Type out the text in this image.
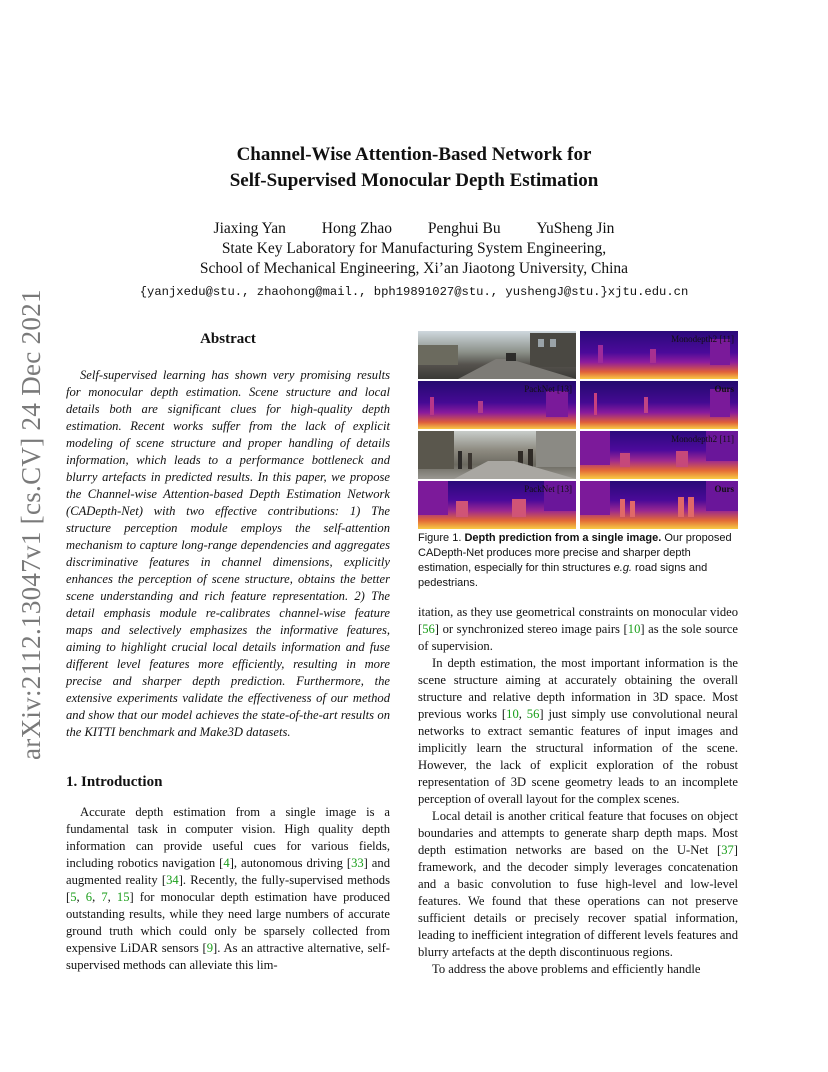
arXiv:2112.13047v1 [cs.CV] 24 Dec 2021
Channel-Wise Attention-Based Network for
Self-Supervised Monocular Depth Estimation
Jiaxing Yan Hong Zhao Penghui Bu YuSheng Jin
State Key Laboratory for Manufacturing System Engineering,
School of Mechanical Engineering, Xi’an Jiaotong University, China
{yanjxedu@stu., zhaohong@mail., bph19891027@stu., yushengJ@stu.}xjtu.edu.cn
Abstract
Self-supervised learning has shown very promising results for monocular depth estimation. Scene structure and local details both are significant clues for high-quality depth estimation. Recent works suffer from the lack of explicit modeling of scene structure and proper handling of details information, which leads to a performance bottleneck and blurry artefacts in predicted results. In this paper, we propose the Channel-wise Attention-based Depth Estimation Network (CADepth-Net) with two effective contributions: 1) The structure perception module employs the self-attention mechanism to capture long-range dependencies and aggregates discriminative features in channel dimensions, explicitly enhances the perception of scene structure, obtains the better scene understanding and rich feature representation. 2) The detail emphasis module re-calibrates channel-wise feature maps and selectively emphasizes the informative features, aiming to highlight crucial local details information and fuse different level features more efficiently, resulting in more precise and sharper depth prediction. Furthermore, the extensive experiments validate the effectiveness of our method and show that our model achieves the state-of-the-art results on the KITTI benchmark and Make3D datasets.
1. Introduction
Accurate depth estimation from a single image is a fundamental task in computer vision. High quality depth information can provide useful cues for various fields, including robotics navigation [4], autonomous driving [33] and augmented reality [34]. Recently, the fully-supervised methods [5, 6, 7, 15] for monocular depth estimation have produced outstanding results, while they need large numbers of accurate ground truth which could only be sparsely collected from expensive LiDAR sensors [9]. As an attractive alternative, self-supervised methods can alleviate this lim-
Monodepth2 [11]
PackNet [13]	Ours
Monodepth2 [11]
PackNet [13]	Ours
Figure 1. Depth prediction from a single image. Our proposed CADepth-Net produces more precise and sharper depth estimation, especially for thin structures e.g. road signs and pedestrians.

itation, as they use geometrical constraints on monocular video [56] or synchronized stereo image pairs [10] as the sole source of supervision.

In depth estimation, the most important information is the scene structure aiming at accurately obtaining the overall structure and relative depth information in 3D space. Most previous works [10, 56] just simply use convolutional neural networks to extract semantic features of input images and implicitly learn the structural information of the scene. However, the lack of explicit exploration of the robust representation of 3D scene geometry leads to an incomplete perception of overall layout for the complex scenes.

Local detail is another critical feature that focuses on object boundaries and attempts to generate sharp depth maps. Most depth estimation networks are based on the U-Net [37] framework, and the decoder simply leverages concatenation and a basic convolution to fuse high-level and low-level features. We found that these operations can not preserve sufficient details or precisely recover spatial information, leading to inefficient integration of different levels features and blurry artefacts at the depth discontinuous regions.

To address the above problems and efficiently handle
